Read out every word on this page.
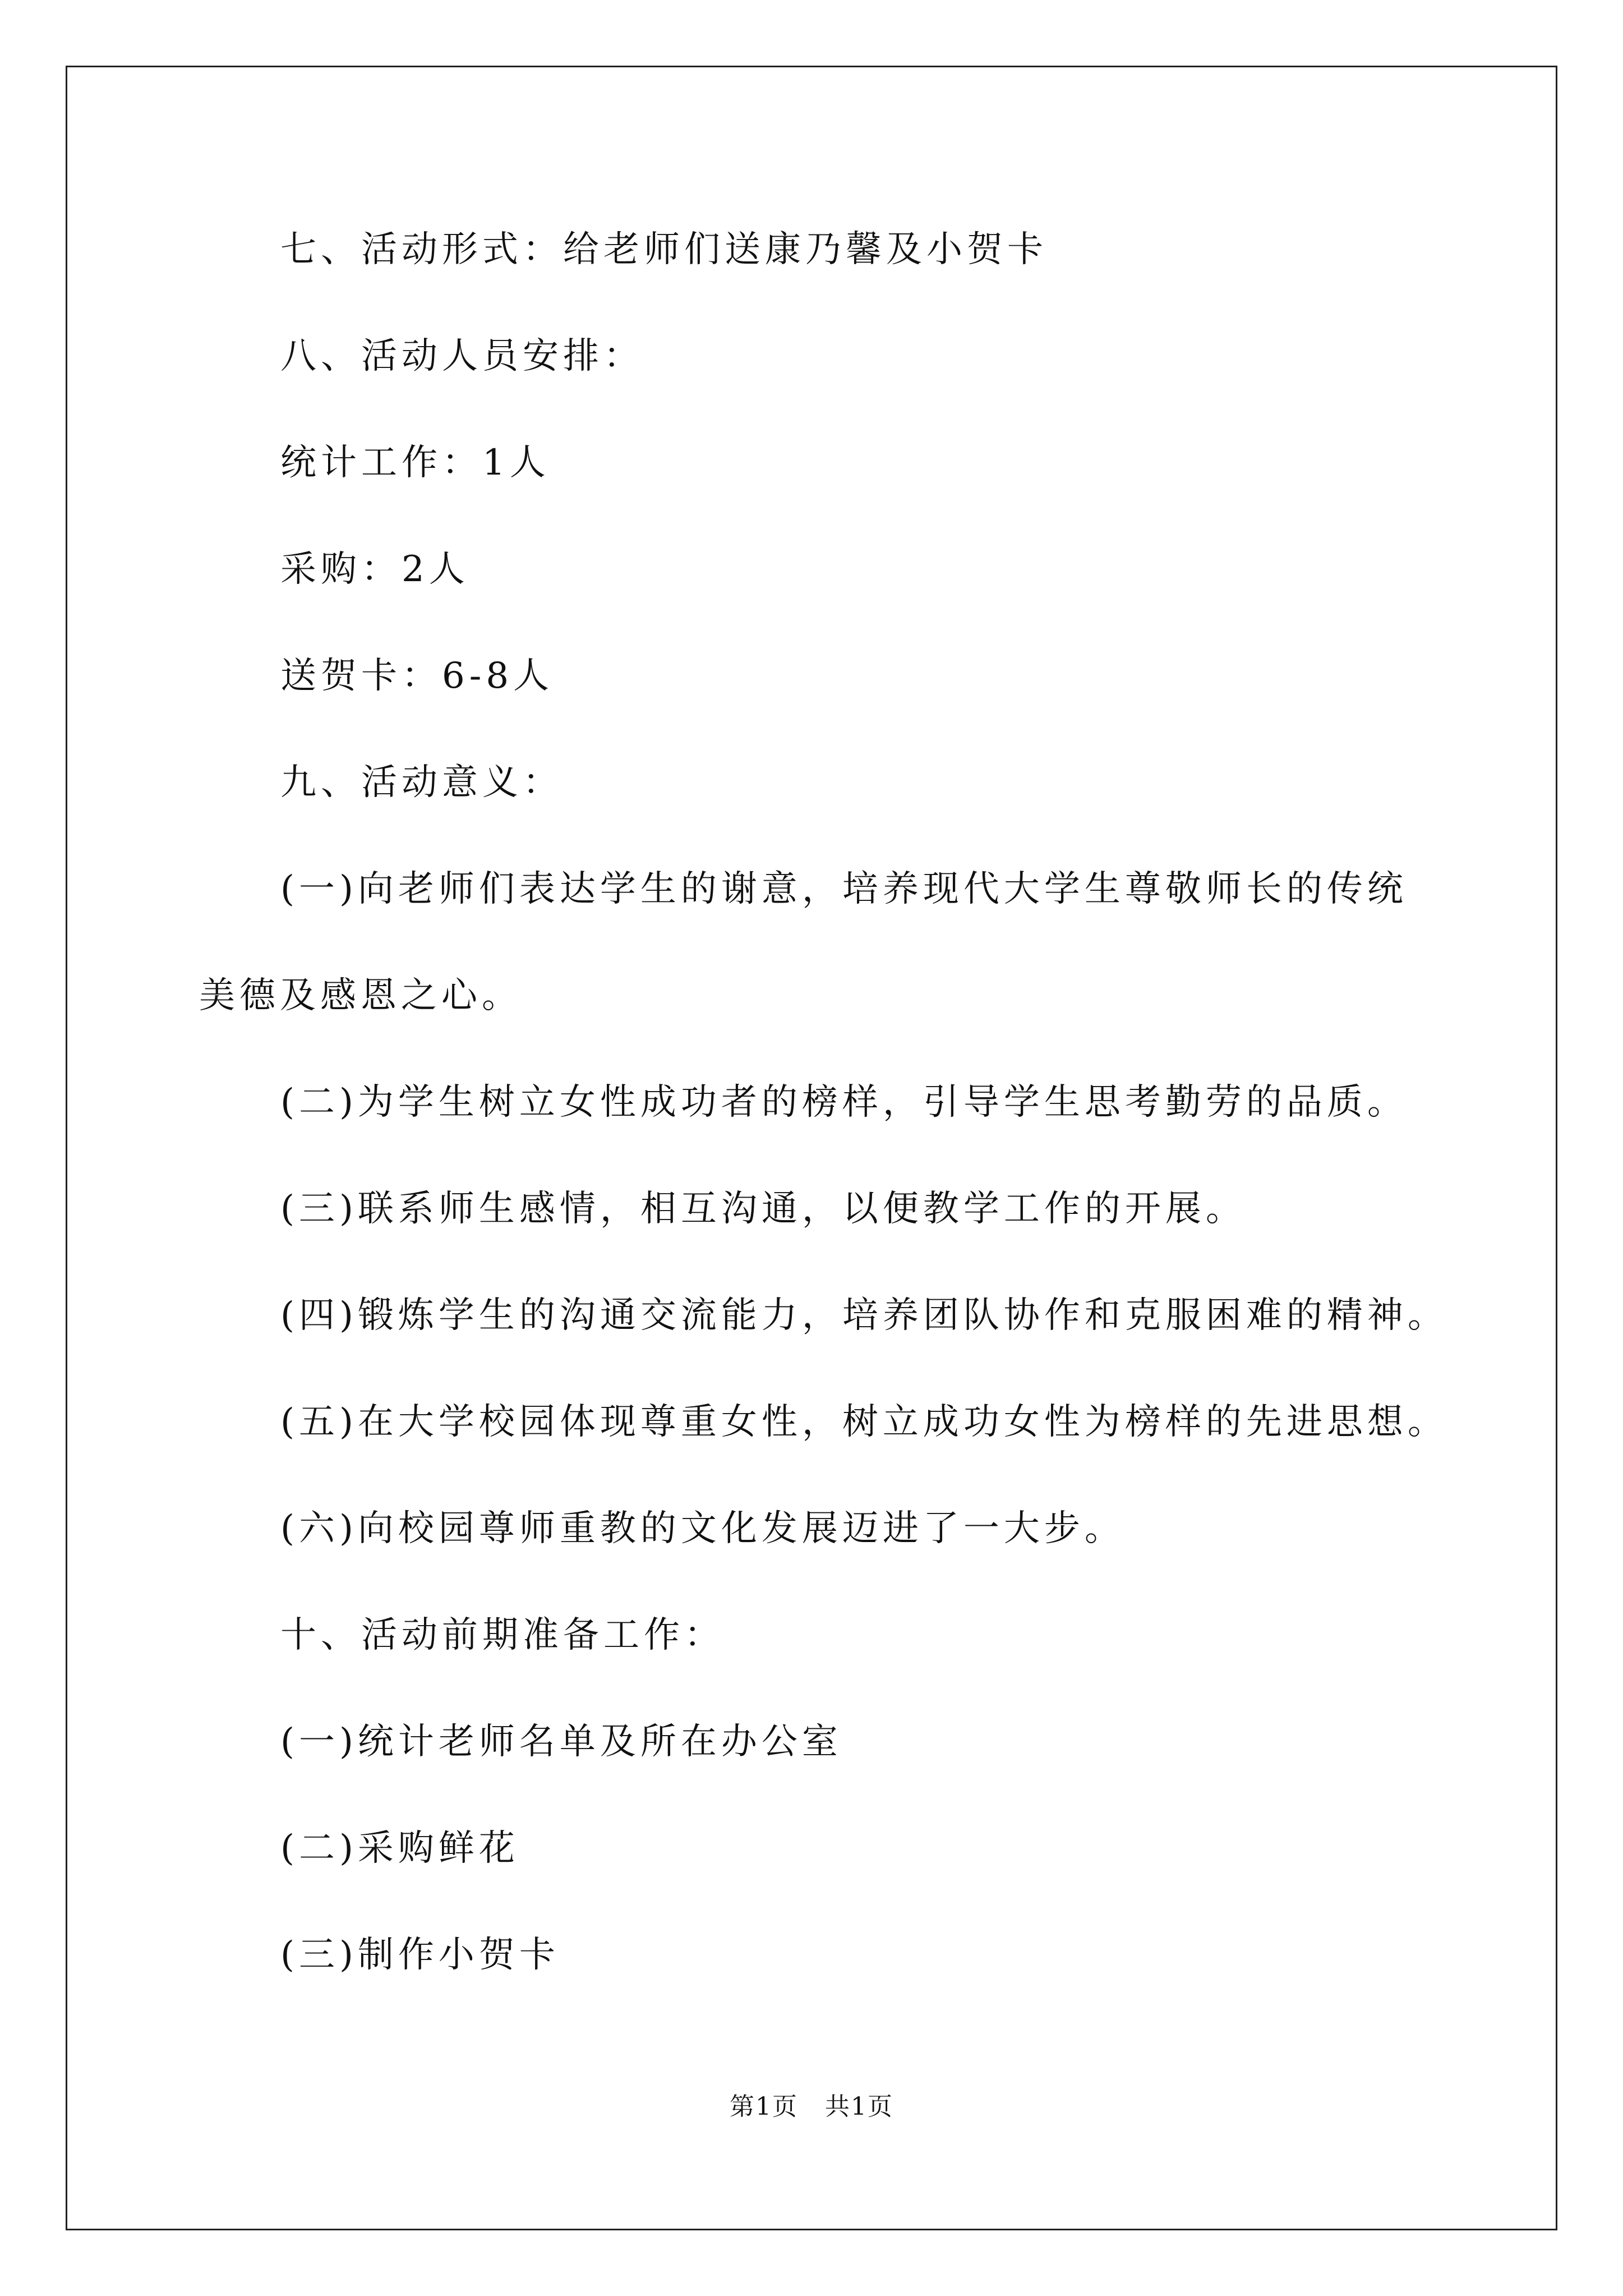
七、活动形式：给老师们送康乃馨及小贺卡
八、活动人员安排：
统计工作：1人
采购：2人
送贺卡：6-8人
九、活动意义：
(一)向老师们表达学生的谢意，培养现代大学生尊敬师长的传统
美德及感恩之心。
(二)为学生树立女性成功者的榜样，引导学生思考勤劳的品质。
(三)联系师生感情，相互沟通，以便教学工作的开展。
(四)锻炼学生的沟通交流能力，培养团队协作和克服困难的精神。
(五)在大学校园体现尊重女性，树立成功女性为榜样的先进思想。
(六)向校园尊师重教的文化发展迈进了一大步。
十、活动前期准备工作：
(一)统计老师名单及所在办公室
(二)采购鲜花
(三)制作小贺卡
第1页   共1页
